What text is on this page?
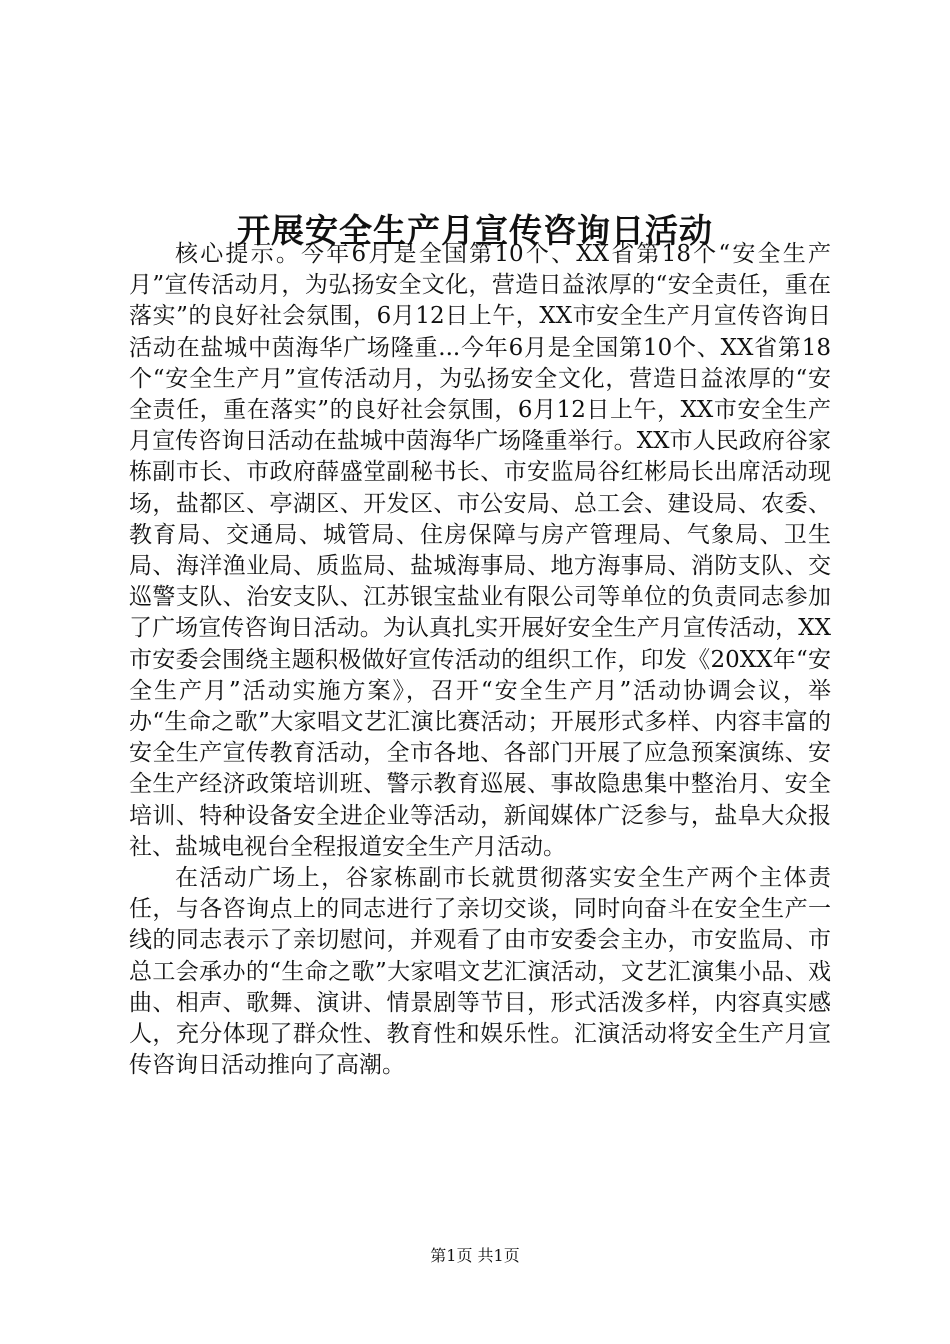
开展安全生产月宣传咨询日活动

核心提示。今年6月是全国第10个、XX省第18个“安全生产月”宣传活动月，为弘扬安全文化，营造日益浓厚的“安全责任，重在落实”的良好社会氛围，6月12日上午，XX市安全生产月宣传咨询日活动在盐城中茵海华广场隆重...今年6月是全国第10个、XX省第18个“安全生产月”宣传活动月，为弘扬安全文化，营造日益浓厚的“安全责任，重在落实”的良好社会氛围，6月12日上午，XX市安全生产月宣传咨询日活动在盐城中茵海华广场隆重举行。XX市人民政府谷家栋副市长、市政府薛盛堂副秘书长、市安监局谷红彬局长出席活动现场，盐都区、亭湖区、开发区、市公安局、总工会、建设局、农委、教育局、交通局、城管局、住房保障与房产管理局、气象局、卫生局、海洋渔业局、质监局、盐城海事局、地方海事局、消防支队、交巡警支队、治安支队、江苏银宝盐业有限公司等单位的负责同志参加了广场宣传咨询日活动。为认真扎实开展好安全生产月宣传活动，XX市安委会围绕主题积极做好宣传活动的组织工作，印发《20XX年“安全生产月”活动实施方案》，召开“安全生产月”活动协调会议，举办“生命之歌”大家唱文艺汇演比赛活动；开展形式多样、内容丰富的安全生产宣传教育活动，全市各地、各部门开展了应急预案演练、安全生产经济政策培训班、警示教育巡展、事故隐患集中整治月、安全培训、特种设备安全进企业等活动，新闻媒体广泛参与，盐阜大众报社、盐城电视台全程报道安全生产月活动。

在活动广场上，谷家栋副市长就贯彻落实安全生产两个主体责任，与各咨询点上的同志进行了亲切交谈，同时向奋斗在安全生产一线的同志表示了亲切慰问，并观看了由市安委会主办，市安监局、市总工会承办的“生命之歌”大家唱文艺汇演活动，文艺汇演集小品、戏曲、相声、歌舞、演讲、情景剧等节目，形式活泼多样，内容真实感人，充分体现了群众性、教育性和娱乐性。汇演活动将安全生产月宣传咨询日活动推向了高潮。

第1页 共1页
